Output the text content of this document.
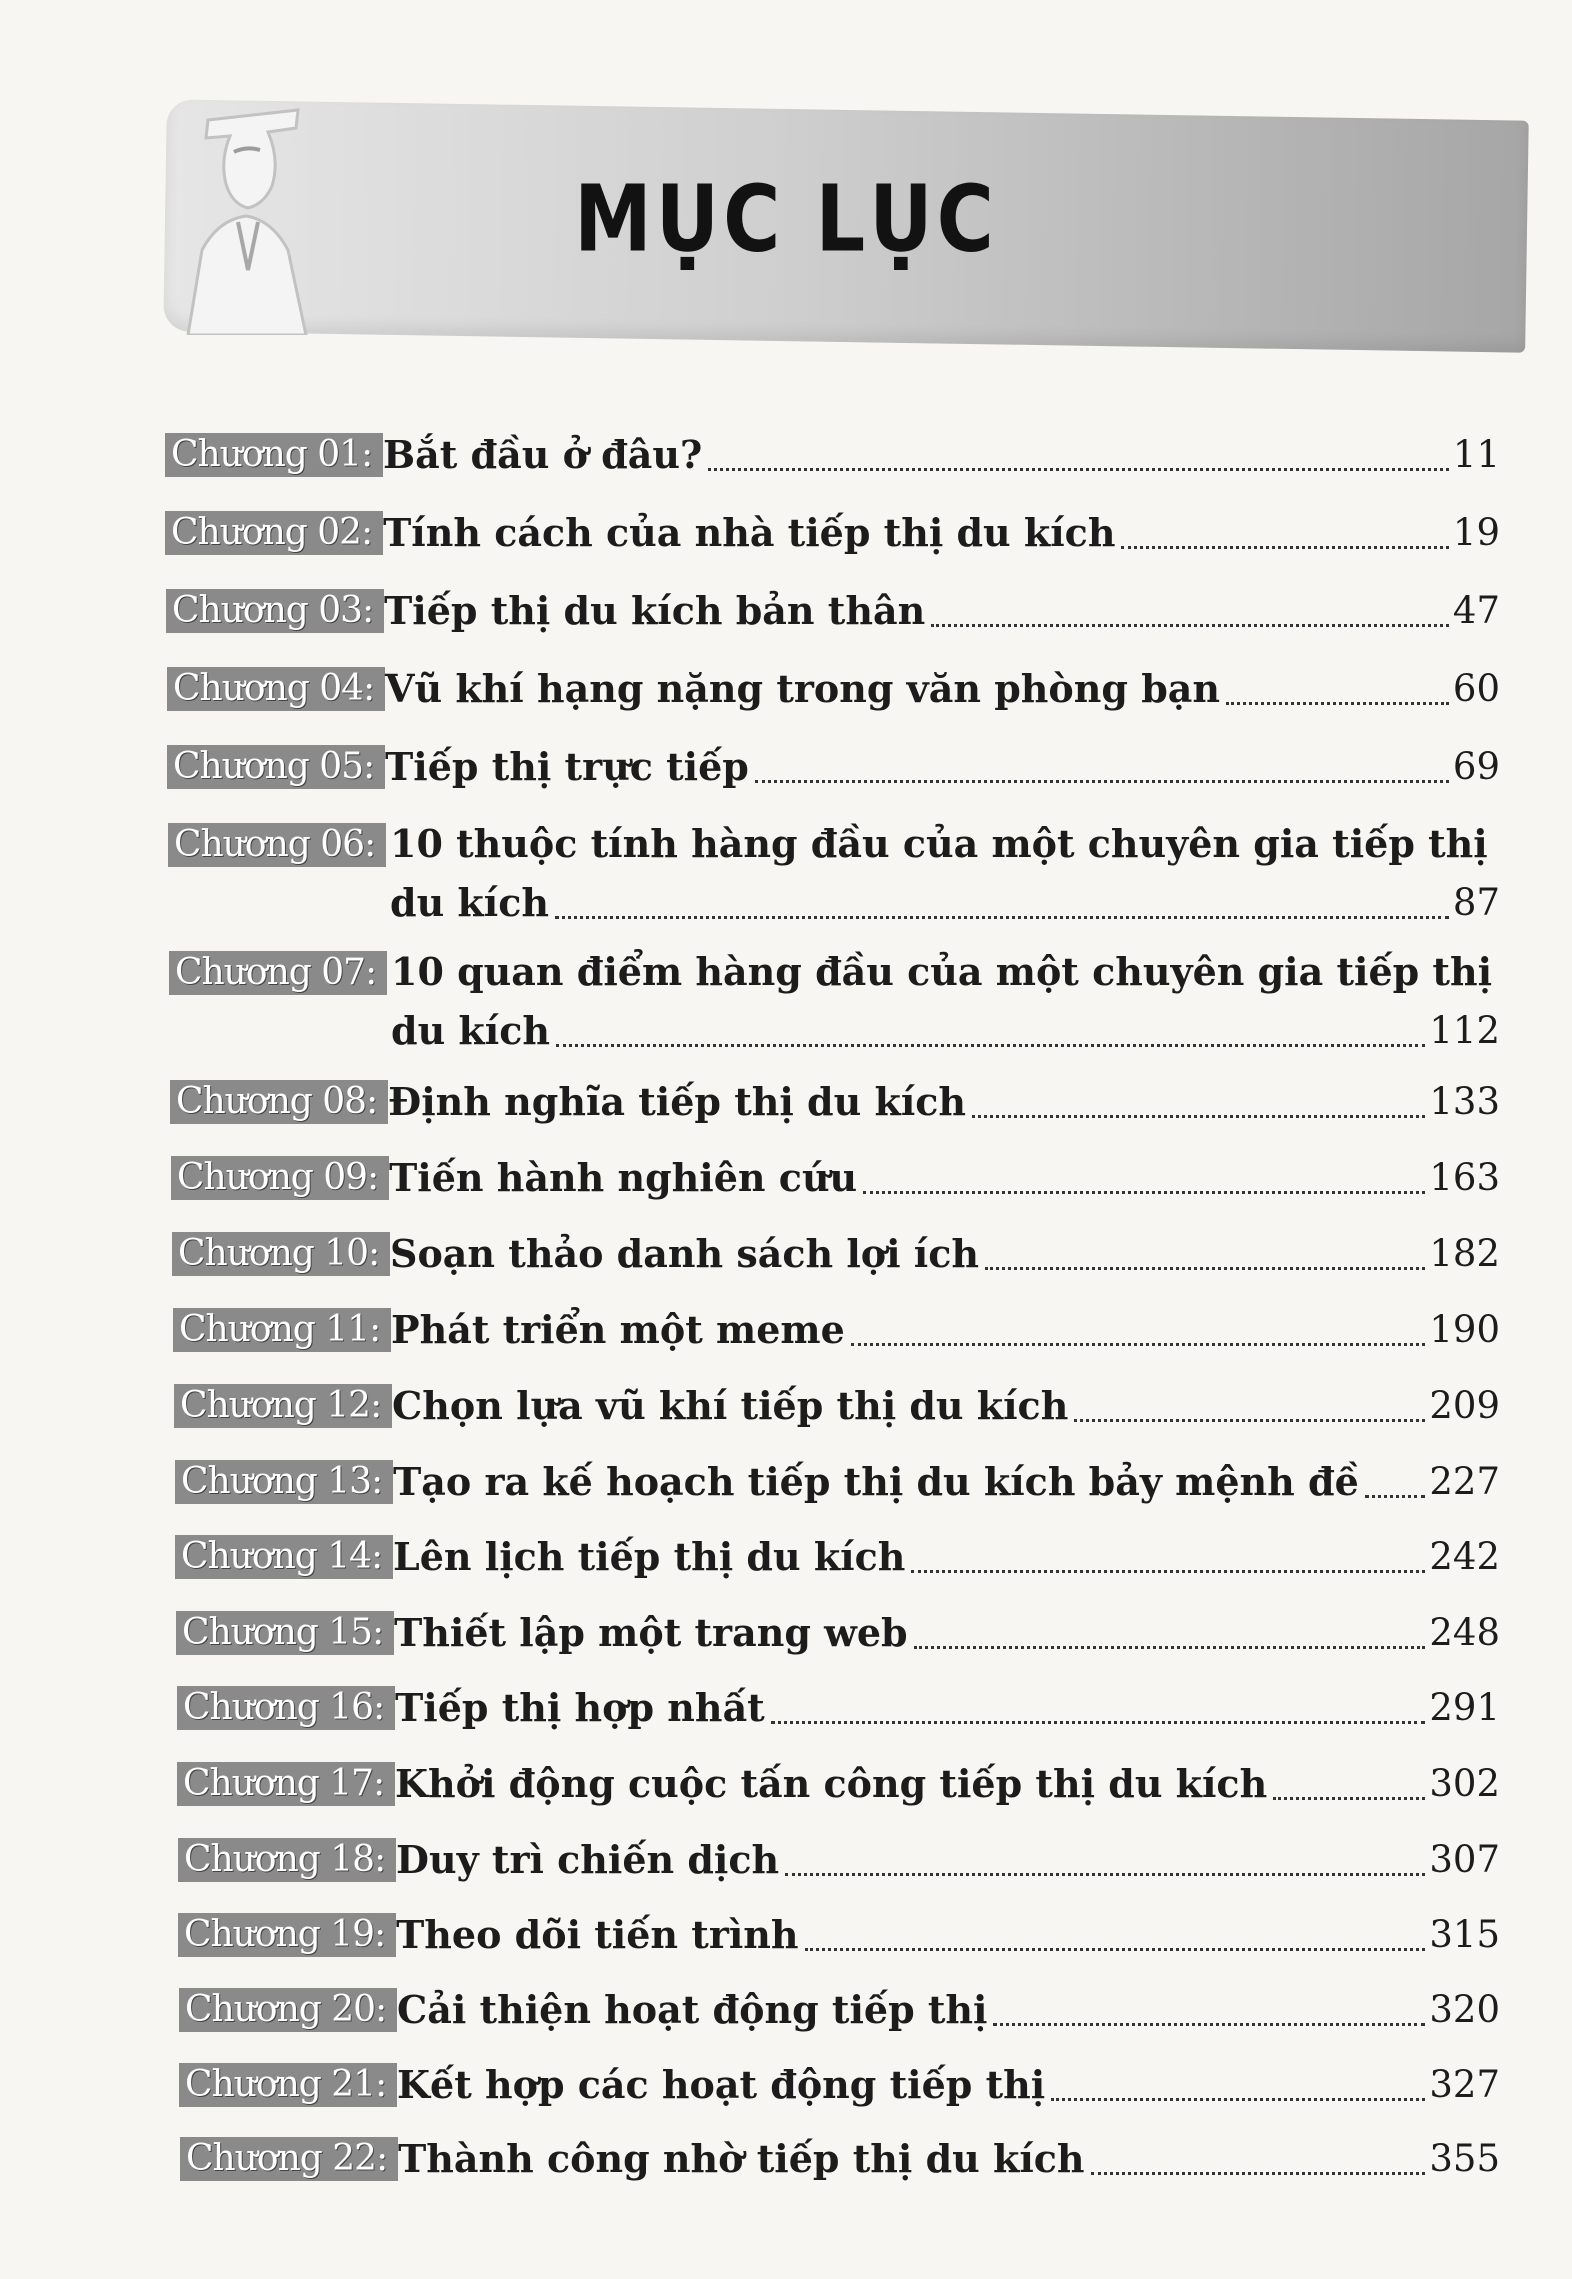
MỤC LỤC
Chương 01: Bắt đầu ở đâu?	11
Chương 02: Tính cách của nhà tiếp thị du kích	19
Chương 03: Tiếp thị du kích bản thân	47
Chương 04: Vũ khí hạng nặng trong văn phòng bạn	60
Chương 05: Tiếp thị trực tiếp	69
Chương 06: 10 thuộc tính hàng đầu của một chuyên gia tiếp thị
du kích	87
Chương 07: 10 quan điểm hàng đầu của một chuyên gia tiếp thị
du kích	112
Chương 08: Định nghĩa tiếp thị du kích	133
Chương 09: Tiến hành nghiên cứu	163
Chương 10: Soạn thảo danh sách lợi ích	182
Chương 11: Phát triển một meme	190
Chương 12: Chọn lựa vũ khí tiếp thị du kích	209
Chương 13: Tạo ra kế hoạch tiếp thị du kích bảy mệnh đề 227
Chương 14: Lên lịch tiếp thị du kích	242
Chương 15: Thiết lập một trang web	248
Chương 16: Tiếp thị hợp nhất	291
Chương 17: Khởi động cuộc tấn công tiếp thị du kích	302
Chương 18: Duy trì chiến dịch	307
Chương 19: Theo dõi tiến trình	315
Chương 20: Cải thiện hoạt động tiếp thị	320
Chương 21: Kết hợp các hoạt động tiếp thị	327
Chương 22: Thành công nhờ tiếp thị du kích	355
